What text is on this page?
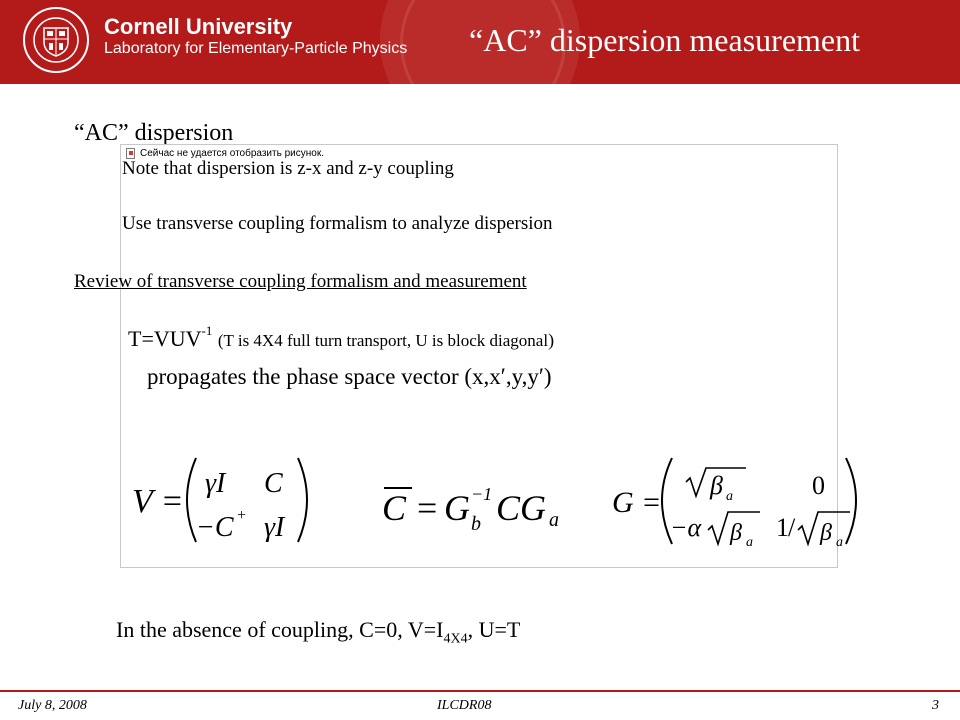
Cornell University
Laboratory for Elementary-Particle Physics “AC” dispersion measurement
“AC” dispersion
Сейчас не удается отобразить рисунок.
Note that dispersion is z-x and z-y coupling
Use transverse coupling formalism to analyze dispersion
Review of transverse coupling formalism and measurement
$T=VUV^{-1}$ (T is 4X4 full turn transport, U is block diagonal)
propagates the phase space vector (x,x′,y,y′)
V = γI C
−C + γI	C = G −1
b CG a
G =
β a	0
−α β a
1 / β a
In the absence of coupling, C=0, $V=I_{4X4}$, U=T
July 8, 2008	ILCDR08	3
